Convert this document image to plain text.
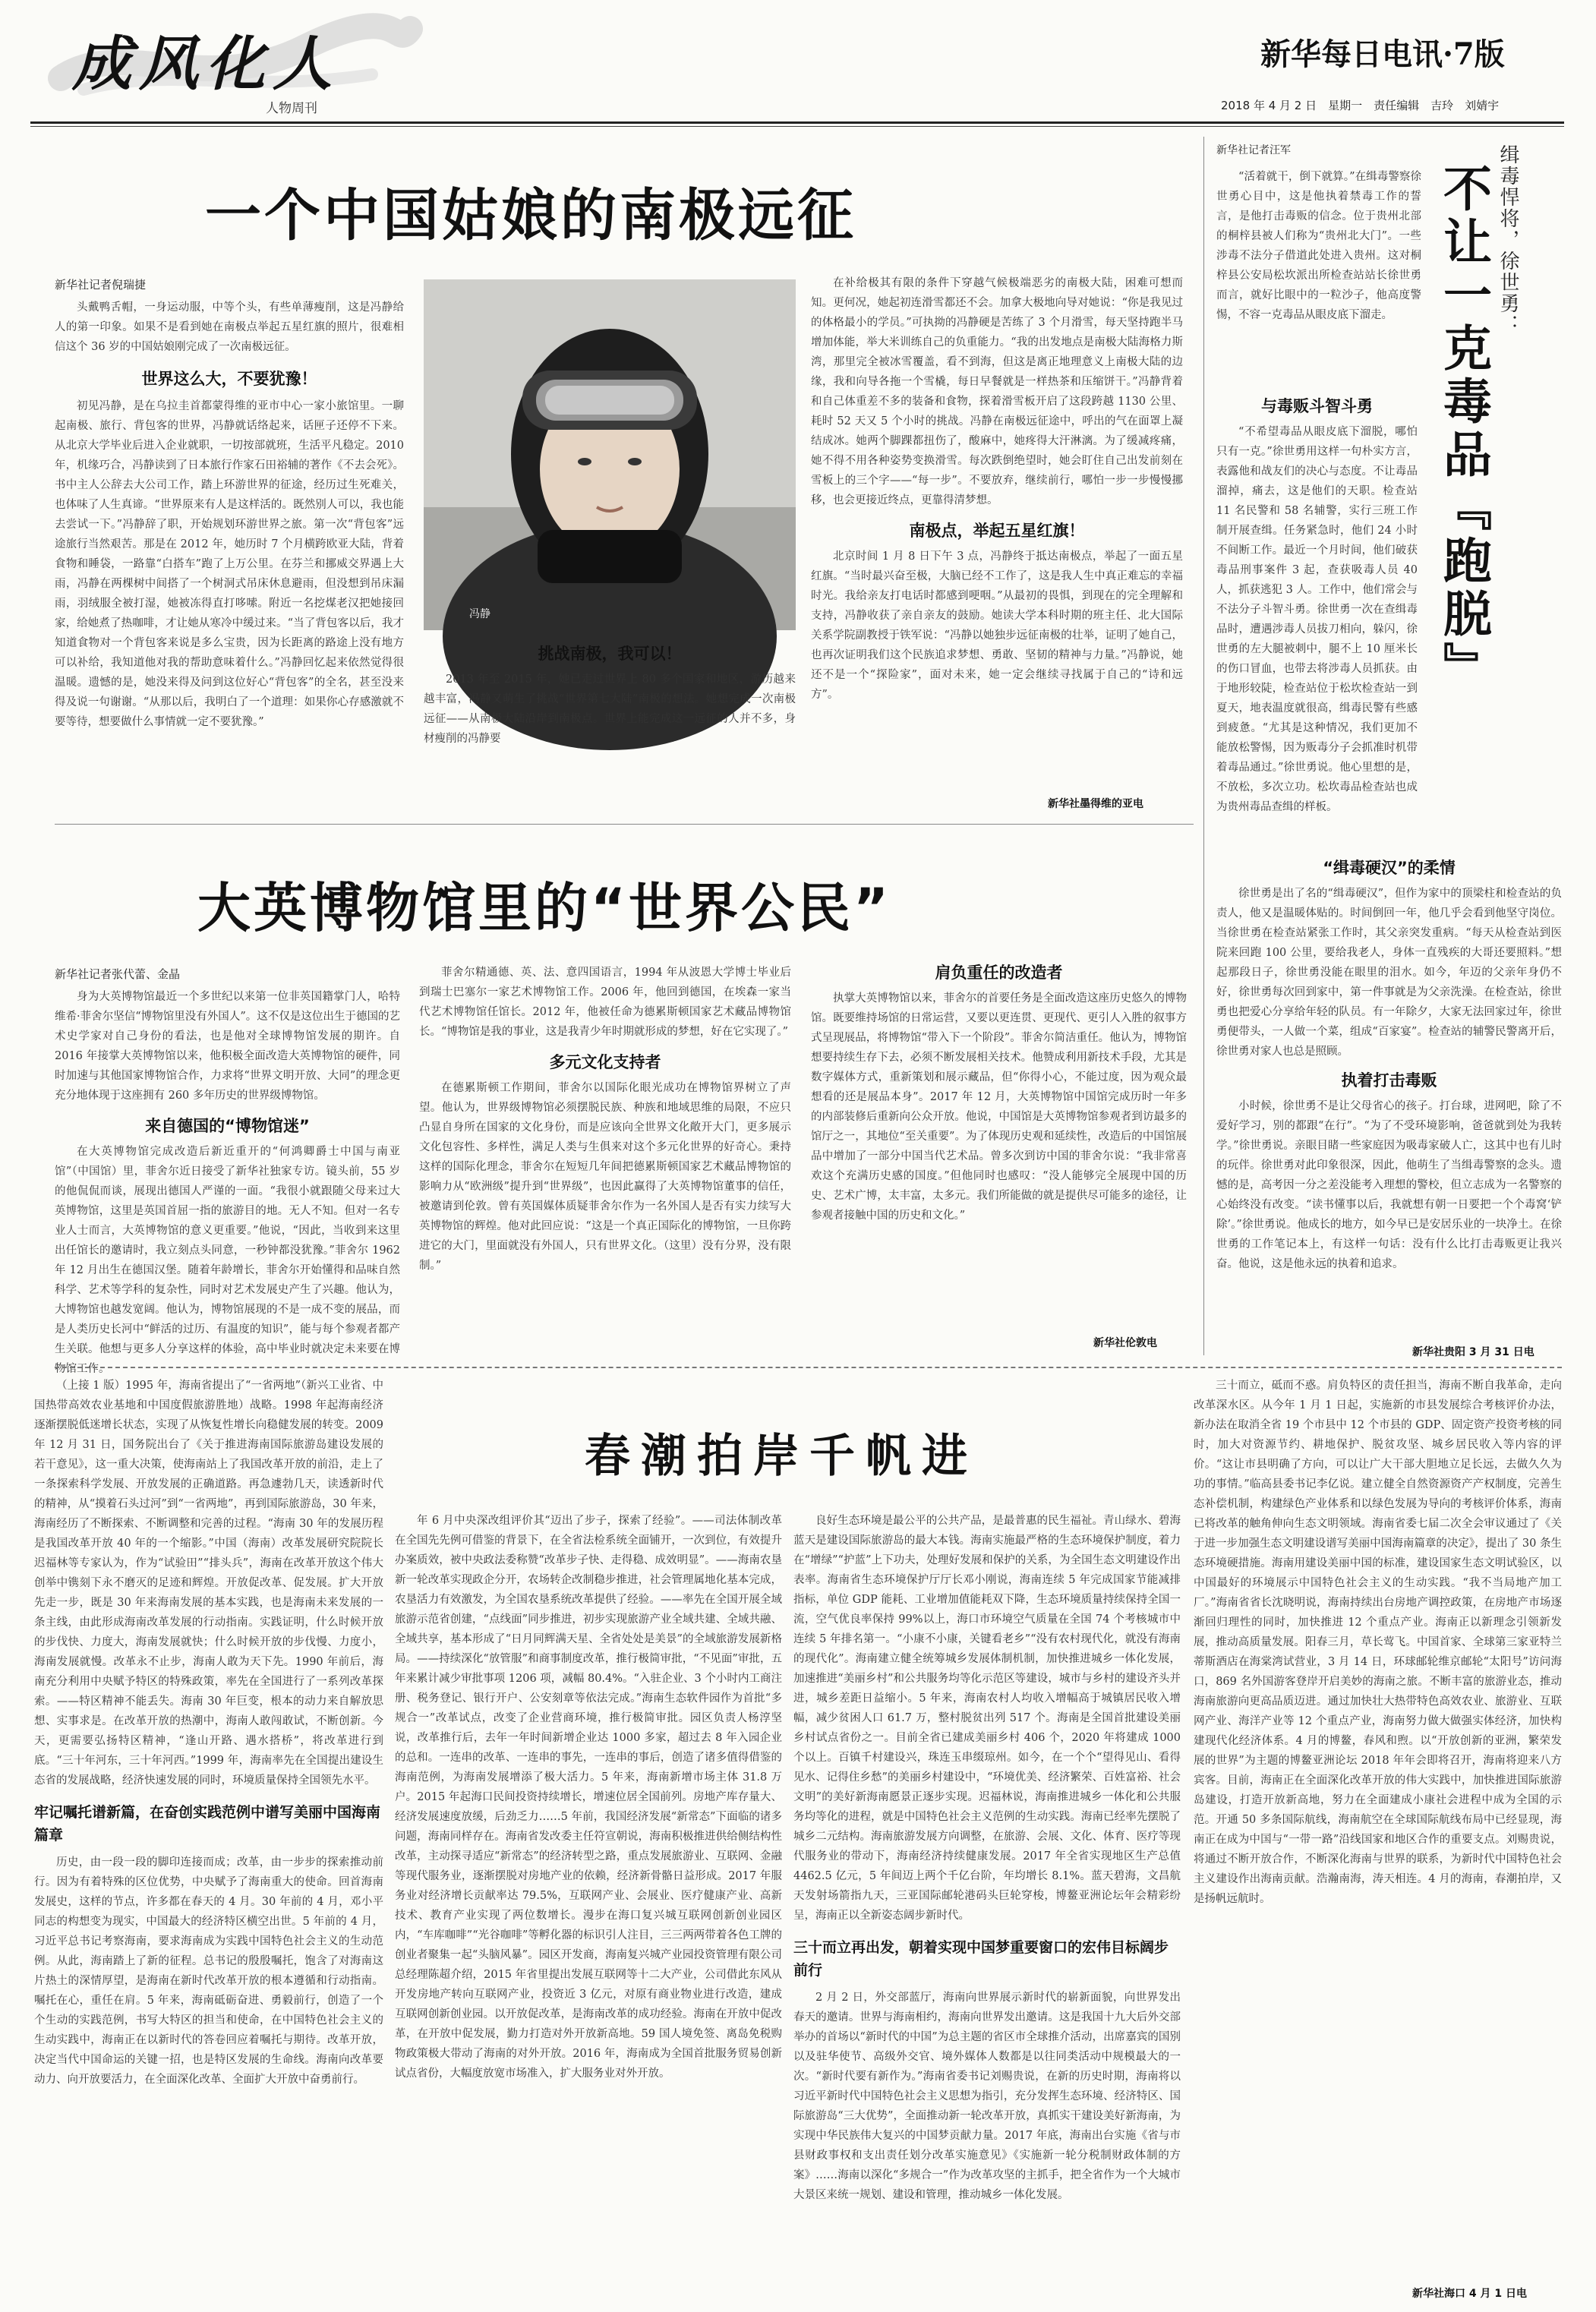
成风化人
人物周刊
新华每日电讯·7版
2018 年 4 月 2 日　星期一　责任编辑　吉玲　刘婧宇
一个中国姑娘的南极远征
新华社记者倪瑞捷

头戴鸭舌帽，一身运动服，中等个头，有些单薄瘦削，这是冯静给人的第一印象。如果不是看到她在南极点举起五星红旗的照片，很难相信这个 36 岁的中国姑娘刚完成了一次南极远征。

世界这么大，不要犹豫！

初见冯静，是在乌拉圭首都蒙得维的亚市中心一家小旅馆里。一聊起南极、旅行、背包客的世界，冯静就话络起来，话匣子还停不下来。从北京大学毕业后进入企业就职，一切按部就班，生活平凡稳定。2010 年，机缘巧合，冯静读到了日本旅行作家石田裕辅的著作《不去会死》。书中主人公辞去大公司工作，踏上环游世界的征途，经历过生死难关，也体味了人生真谛。“世界原来有人是这样活的。既然别人可以，我也能去尝试一下。”冯静辞了职，开始规划环游世界之旅。第一次“背包客”远途旅行当然艰苦。那是在 2012 年，她历时 7 个月横跨欧亚大陆，背着食物和睡袋，一路靠“白搭车”跑了上万公里。在芬兰和挪威交界遇上大雨，冯静在两棵树中间搭了一个树洞式吊床休息避雨，但没想到吊床漏雨，羽绒服全被打湿，她被冻得直打哆嗦。附近一名挖煤老汉把她接回家，给她煮了热咖啡，才让她从寒冷中缓过来。“当了背包客以后，我才知道食物对一个背包客来说是多么宝贵，因为长距离的路途上没有地方可以补给，我知道他对我的帮助意味着什么。”冯静回忆起来依然觉得很温暖。遗憾的是，她没来得及问到这位好心“背包客”的全名，甚至没来得及说一句谢谢。“从那以后，我明白了一个道理：如果你心存感激就不要等待，想要做什么事情就一定不要犹豫。”

冯静
挑战南极，我可以！

2013 年至 2015 年，她已走过世界上 80 多个国家和地区，游历越来越丰富，冯静又萌生了挑战“世界第七大陆”南极的想法。她想完成一次南极远征——从南极大陆沿岸到南极点。世界上能完成这一远征的人并不多，身材瘦削的冯静要

在补给极其有限的条件下穿越气候极端恶劣的南极大陆，困难可想而知。更何况，她起初连滑雪都还不会。加拿大极地向导对她说：“你是我见过的体格最小的学员。”可执拗的冯静硬是苦练了 3 个月滑雪，每天坚持跑半马增加体能，举大米训练自己的负重能力。“我的出发地点是南极大陆海格力斯湾，那里完全被冰雪覆盖，看不到海，但这是离正地理意义上南极大陆的边缘，我和向导各拖一个雪橇，每日早餐就是一样热茶和压缩饼干。”冯静背着和自己体重差不多的装备和食物，探着滑雪板开启了这段跨越 1130 公里、耗时 52 天又 5 个小时的挑战。冯静在南极远征途中，呼出的气在面罩上凝结成冰。她两个脚踝都扭伤了，酸麻中，她疼得大汗淋漓。为了缓减疼痛，她不得不用各种姿势变换滑雪。每次跌倒绝望时，她会盯住自己出发前刻在雪板上的三个字——“每一步”。不要放弃，继续前行，哪怕一步一步慢慢挪移，也会更接近终点，更靠得清梦想。

南极点，举起五星红旗！

北京时间 1 月 8 日下午 3 点，冯静终于抵达南极点，举起了一面五星红旗。“当时最兴奋至极，大脑已经不工作了，这是我人生中真正难忘的幸福时光。我给亲友打电话时都感到哽咽。”从最初的畏惧，到现在的完全理解和支持，冯静收获了亲自亲友的鼓励。她读大学本科时期的班主任、北大国际关系学院副教授于铁军说：“冯静以她独步远征南极的壮举，证明了她自己，也再次证明我们这个民族追求梦想、勇敢、坚韧的精神与力量。”冯静说，她还不是一个“探险家”，面对未来，她一定会继续寻找属于自己的“诗和远方”。

新华社墨得维的亚电
新华社记者汪军

“活着就干，倒下就算。”在缉毒警察徐世勇心目中，这是他执着禁毒工作的誓言，是他打击毒贩的信念。位于贵州北部的桐梓县被人们称为“贵州北大门”。一些涉毒不法分子借道此处进入贵州。这对桐梓县公安局松坎派出所检查站站长徐世勇而言，就好比眼中的一粒沙子，他高度警惕，不容一克毒品从眼皮底下溜走。	缉毒悍将，徐世勇：
不让一克毒品『跑脱』
与毒贩斗智斗勇

“不希望毒品从眼皮底下溜脱，哪怕只有一克。”徐世勇用这样一句朴实方言，表露他和战友们的决心与态度。不让毒品溜掉，痛去，这是他们的天职。检查站 11 名民警和 58 名辅警，实行三班工作制开展查缉。任务紧急时，他们 24 小时不间断工作。最近一个月时间，他们破获毒品刑事案件 3 起，查获吸毒人员 40 人，抓获逃犯 3 人。工作中，他们常会与不法分子斗智斗勇。徐世勇一次在查缉毒品时，遭遇涉毒人员拔刀相向，躲闪，徐世勇的左大腿被刺中，腿不上 10 厘米长的伤口冒血，也带去将涉毒人员抓获。由于地形较陡，检查站位于松坎检查站一到夏天，地表温度就很高，缉毒民警有些感到疲惫。“尤其是这种情况，我们更加不能放松警惕，因为贩毒分子会抓准时机带着毒品通过。”徐世勇说。他心里想的是，不放松，多次立功。松坎毒品检查站也成为贵州毒品查缉的样板。

“缉毒硬汉”的柔情

徐世勇是出了名的“缉毒硬汉”，但作为家中的顶梁柱和检查站的负责人，他又是温暖体贴的。时间倒回一年，他几乎会看到他坚守岗位。当徐世勇在检查站紧张工作时，其父亲突发重病。“每天从检查站到医院来回跑 100 公里，要给我老人，身体一直残疾的大哥还要照料。”想起那段日子，徐世勇没能在眼里的泪水。如今，年迈的父亲年身仍不好，徐世勇每次回到家中，第一件事就是为父亲洗澡。在检查站，徐世勇也把爱心分享给年轻的队员。有一年除夕，大家无法回家过年，徐世勇便带头，一人做一个菜，组成“百家宴”。检查站的辅警民警离开后，徐世勇对家人也总是照顾。

执着打击毒贩

小时候，徐世勇不是让父母省心的孩子。打台球，进网吧，除了不爱好学习，别的都跟“在行”。“为了不受环境影响，爸爸就到处为我转学。”徐世勇说。亲眼目睹一些家庭因为吸毒家破人亡，这其中也有儿时的玩伴。徐世勇对此印象很深，因此，他萌生了当缉毒警察的念头。遗憾的是，高考因一分之差没能考入理想的警校，但立志成为一名警察的心始终没有改变。“读书懂事以后，我就想有朝一日要把一个个毒窝‘铲除’。”徐世勇说。他成长的地方，如今早已是安居乐业的一块净土。在徐世勇的工作笔记本上，有这样一句话：没有什么比打击毒贩更让我兴奋。他说，这是他永远的执着和追求。

新华社贵阳 3 月 31 日电
大英博物馆里的“世界公民”
新华社记者张代蕾、金晶

身为大英博物馆最近一个多世纪以来第一位非英国籍掌门人，哈特维希·菲舍尔坚信“博物馆里没有外国人”。这不仅是这位出生于德国的艺术史学家对自己身份的看法，也是他对全球博物馆发展的期许。自 2016 年接掌大英博物馆以来，他积极全面改造大英博物馆的硬件，同时加速与其他国家博物馆合作，力求将“世界文明开放、大同”的理念更充分地体现于这座拥有 260 多年历史的世界级博物馆。

来自德国的“博物馆迷”

在大英博物馆完成改造后新近重开的“何鸿卿爵士中国与南亚馆”（中国馆）里，菲舍尔近日接受了新华社独家专访。镜头前，55 岁的他侃侃而谈，展现出德国人严谨的一面。“我很小就跟随父母来过大英博物馆，这里是英国首屈一指的旅游目的地。无人不知。但对一名专业人士而言，大英博物馆的意义更重要。”他说，“因此，当收到来这里出任馆长的邀请时，我立刻点头同意，一秒钟都没犹豫。”菲舍尔 1962 年 12 月出生在德国汉堡。随着年龄增长，菲舍尔开始懂得和品味自然科学、艺术等学科的复杂性，同时对艺术发展史产生了兴趣。他认为，大博物馆也越发宽阔。他认为，博物馆展现的不是一成不变的展品，而是人类历史长河中“鲜活的过历、有温度的知识”，能与每个参观者都产生关联。他想与更多人分享这样的体验，高中毕业时就决定未来要在博物馆工作。

菲舍尔精通德、英、法、意四国语言，1994 年从波恩大学博士毕业后到瑞士巴塞尔一家艺术博物馆工作。2006 年，他回到德国，在埃森一家当代艺术博物馆任馆长。2012 年，他被任命为德累斯顿国家艺术藏品博物馆长。“博物馆是我的事业，这是我青少年时期就形成的梦想，好在它实现了。”

多元文化支持者

在德累斯顿工作期间，菲舍尔以国际化眼光成功在博物馆界树立了声望。他认为，世界级博物馆必须摆脱民族、种族和地域思维的局限，不应只凸显自身所在国家的文化身份，而是应该向全世界文化敞开大门，更多展示文化包容性、多样性，满足人类与生俱来对这个多元化世界的好奇心。秉持这样的国际化理念，菲舍尔在短短几年间把德累斯顿国家艺术藏品博物馆的影响力从“欧洲级”提升到“世界级”，也因此赢得了大英博物馆董事的信任，被邀请到伦敦。曾有英国媒体质疑菲舍尔作为一名外国人是否有实力续写大英博物馆的辉煌。他对此回应说：“这是一个真正国际化的博物馆，一旦你跨进它的大门，里面就没有外国人，只有世界文化。（这里）没有分界，没有限制。”

肩负重任的改造者

执掌大英博物馆以来，菲舍尔的首要任务是全面改造这座历史悠久的博物馆。既要维持场馆的日常运营，又要以更连贯、更现代、更引人入胜的叙事方式呈现展品，将博物馆“带入下一个阶段”。菲舍尔简洁重任。他认为，博物馆想要持续生存下去，必须不断发展相关技术。他赞成利用新技术手段，尤其是数字媒体方式，重新策划和展示藏品，但“你得小心，不能过度，因为观众最想看的还是展品本身”。2017 年 12 月，大英博物馆中国馆完成历时一年多的内部装修后重新向公众开放。他说，中国馆是大英博物馆参观者到访最多的馆厅之一，其地位“至关重要”。为了体现历史观和延续性，改造后的中国馆展品中增加了一部分中国当代艺术品。曾多次到访中国的菲舍尔说：“我非常喜欢这个充满历史感的国度。”但他同时也感叹：“没人能够完全展现中国的历史、艺术广博，太丰富，太多元。我们所能做的就是提供尽可能多的途径，让参观者接触中国的历史和文化。”

新华社伦敦电

（上接 1 版）1995 年，海南省提出了“一省两地”（新兴工业省、中国热带高效农业基地和中国度假旅游胜地）战略。1998 年起海南经济逐渐摆脱低迷增长状态，实现了从恢复性增长向稳健发展的转变。2009 年 12 月 31 日，国务院出台了《关于推进海南国际旅游岛建设发展的若干意见》，这一重大决策，使海南站上了我国改革开放的前沿，走上了一条探索科学发展、开放发展的正确道路。再急遽勃几天，读透新时代的精神，从“摸着石头过河”到“一省两地”，再到国际旅游岛，30 年来，海南经历了不断探索、不断调整和完善的过程。“海南 30 年的发展历程是我国改革开放 40 年的一个缩影。”中国（海南）改革发展研究院院长迟福林等专家认为，作为“试验田”“排头兵”，海南在改革开放这个伟大创举中镌刻下永不磨灭的足迹和辉煌。开放促改革、促发展。扩大开放先走一步，既是 30 年来海南发展的基本实践，也是海南未来发展的一条主线，由此形成海南改革发展的行动指南。实践证明，什么时候开放的步伐快、力度大，海南发展就快；什么时候开放的步伐慢、力度小，海南发展就慢。改革永不止步，海南人敢为天下先。1990 年前后，海南充分利用中央赋予特区的特殊政策，率先在全国进行了一系列改革探索。——特区精神不能丢失。海南 30 年巨变，根本的动力来自解放思想、实事求是。在改革开放的热潮中，海南人敢闯敢试，不断创新。今天，更需要弘扬特区精神，“逢山开路、遇水搭桥”，将改革进行到底。“三十年河东，三十年河西。”1999 年，海南率先在全国提出建设生态省的发展战略，经济快速发展的同时，环境质量保持全国领先水平。

牢记嘱托谱新篇，在奋创实践范例中谱写美丽中国海南篇章

历史，由一段一段的脚印连接而成；改革，由一步步的探索推动前行。因为有着特殊的区位优势，中央赋予了海南重大的使命。回首海南发展史，这样的节点，许多都在春天的 4 月。30 年前的 4 月，邓小平同志的构想变为现实，中国最大的经济特区横空出世。5 年前的 4 月，习近平总书记考察海南，要求海南成为实践中国特色社会主义的生动范例。从此，海南踏上了新的征程。总书记的殷殷嘱托，饱含了对海南这片热土的深情厚望，是海南在新时代改革开放的根本遵循和行动指南。嘱托在心，重任在肩。5 年来，海南砥砺奋进、勇毅前行，创造了一个个生动的实践范例，书写大特区的担当和使命，在中国特色社会主义的生动实践中，海南正在以新时代的答卷回应着嘱托与期待。改革开放，决定当代中国命运的关键一招，也是特区发展的生命线。海南向改革要动力、向开放要活力，在全面深化改革、全面扩大开放中奋勇前行。

春潮拍岸千帆进

年 6 月中央深改组评价其“迈出了步子，探索了经验”。——司法体制改革在全国先先例可借鉴的背景下，在全省法检系统全面铺开，一次到位，有效提升办案质效，被中央政法委称赞“改革步子快、走得稳、成效明显”。——海南农垦新一轮改革实现政企分开，农场转企改制稳步推进，社会管理属地化基本完成，农垦活力有效激发，为全国农垦系统改革提供了经验。——率先在全国开展全域旅游示范省创建，“点线面”同步推进，初步实现旅游产业全域共建、全域共融、全域共享，基本形成了“日月同辉满天星、全省处处是美景”的全域旅游发展新格局。——持续深化“放管服”和商事制度改革，推行极简审批，“不见面”审批，五年来累计减少审批事项 1206 项，减幅 80.4%。“入驻企业、3 个小时内工商注册、税务登记、银行开户、公安刻章等依法完成。”海南生态软件园作为首批“多规合一”改革试点，改变了企业营商环境，推行极简审批。园区负责人杨淳坚说，改革推行后，去年一年时间新增企业达 1000 多家，超过去 8 年入园企业的总和。一连串的改革、一连串的事先，一连串的事后，创造了诸多值得借鉴的海南范例，为海南发展增添了极大活力。5 年来，海南新增市场主体 31.8 万户。2015 年起海口民间投资持续增长，增速位居全国前列。房地产库存量大、经济发展速度放缓，后劲乏力……5 年前，我国经济发展“新常态”下面临的诸多问题，海南同样存在。海南省发改委主任符宣朝说，海南积极推进供给侧结构性改革，主动探寻适应“新常态”的经济转型之路，重点发展旅游业、互联网、金融等现代服务业，逐渐摆脱对房地产业的依赖，经济新骨骼日益形成。2017 年服务业对经济增长贡献率达 79.5%，互联网产业、会展业、医疗健康产业、高新技术、教育产业实现了两位数增长。漫步在海口复兴城互联网创新创业园区内，“车库咖啡”“光谷咖啡”等孵化器的标识引人注目，三三两两带着各色工牌的创业者聚集一起“头脑风暴”。园区开发商，海南复兴城产业园投资管理有限公司总经理陈超介绍，2015 年省里提出发展互联网等十二大产业，公司借此东风从开发房地产转向互联网产业，投资近 3 亿元，对原有商业物业进行改造，建成互联网创新创业园。以开放促改革，是海南改革的成功经验。海南在开放中促改革，在开放中促发展，勤力打造对外开放新高地。59 国人境免签、离岛免税购物政策极大带动了海南的对外开放。2016 年，海南成为全国首批服务贸易创新试点省份，大幅度放宽市场准入，扩大服务业对外开放。

良好生态环境是最公平的公共产品，是最普惠的民生福祉。青山绿水、碧海蓝天是建设国际旅游岛的最大本钱。海南实施最严格的生态环境保护制度，着力在“增绿”“护蓝”上下功夫，处理好发展和保护的关系，为全国生态文明建设作出表率。海南省生态环境保护厅厅长邓小刚说，海南连续 5 年完成国家节能减排指标，单位 GDP 能耗、工业增加值能耗双下降，生态环境质量持续保持全国一流，空气优良率保持 99%以上，海口市环境空气质量在全国 74 个考核城市中连续 5 年排名第一。“小康不小康，关键看老乡”“没有农村现代化，就没有海南的现代化”。海南建立健全统筹城乡发展体制机制，加快推进城乡一体化发展，加速推进“美丽乡村”和公共服务均等化示范区等建设，城市与乡村的建设齐头并进，城乡差距日益缩小。5 年来，海南农村人均收入增幅高于城镇居民收入增幅，减少贫困人口 61.7 万，整村脱贫出列 517 个。海南是全国首批建设美丽乡村试点省份之一。目前全省已建成美丽乡村 406 个，2020 年将建成 1000 个以上。百镇千村建设兴，珠连玉串缀琼州。如今，在一个个“望得见山、看得见水、记得住乡愁”的美丽乡村建设中，“环境优美、经济繁荣、百姓富裕、社会文明”的美好新海南愿景正逐步实现。迟福林说，海南推进城乡一体化和公共服务均等化的进程，就是中国特色社会主义范例的生动实践。海南已经率先摆脱了城乡二元结构。海南旅游发展方向调整，在旅游、会展、文化、体育、医疗等现代服务业的带动下，海南经济持续健康发展。2017 年全省实现地区生产总值 4462.5 亿元，5 年间迈上两个千亿台阶，年均增长 8.1%。蓝天碧海，文昌航天发射场箭指九天，三亚国际邮轮港码头巨轮穿梭，博鳌亚洲论坛年会精彩纷呈，海南正以全新姿态阔步新时代。

三十而立再出发，朝着实现中国梦重要窗口的宏伟目标阔步前行

2 月 2 日，外交部蓝厅，海南向世界展示新时代的崭新面貌，向世界发出春天的邀请。世界与海南相约，海南向世界发出邀请。这是我国十九大后外交部举办的首场以“新时代的中国”为总主题的省区市全球推介活动，出席嘉宾的国别以及驻华使节、高级外交官、境外媒体人数都是以往同类活动中规模最大的一次。“新时代要有新作为。”海南省委书记刘赐贵说，在新的历史时期，海南将以习近平新时代中国特色社会主义思想为指引，充分发挥生态环境、经济特区、国际旅游岛“三大优势”，全面推动新一轮改革开放，真抓实干建设美好新海南，为实现中华民族伟大复兴的中国梦贡献力量。2017 年底，海南出台实施《省与市县财政事权和支出责任划分改革实施意见》《实施新一轮分税制财政体制的方案》……海南以深化“多规合一”作为改革攻坚的主抓手，把全省作为一个大城市大景区来统一规划、建设和管理，推动城乡一体化发展。

三十而立，砥而不惑。肩负特区的责任担当，海南不断自我革命，走向改革深水区。从今年 1 月 1 日起，实施新的市县发展综合考核评价办法，新办法在取消全省 19 个市县中 12 个市县的 GDP、固定资产投资考核的同时，加大对资源节约、耕地保护、脱贫攻坚、城乡居民收入等内容的评价。“这让市县明确了方向，可以让广大干部大胆地立足长远，去做久久为功的事情。”临高县委书记李亿说。建立健全自然资源资产产权制度，完善生态补偿机制，构建绿色产业体系和以绿色发展为导向的考核评价体系，海南已将改革的触角伸向生态文明领域。海南省委七届二次全会审议通过了《关于进一步加强生态文明建设谱写美丽中国海南篇章的决定》，提出了 30 条生态环境硬措施。海南用建设美丽中国的标准，建设国家生态文明试验区，以中国最好的环境展示中国特色社会主义的生动实践。“我不当局地产加工厂。”海南省省长沈晓明说，海南持续出台房地产调控政策，在房地产市场逐渐回归理性的同时，加快推进 12 个重点产业。海南正以新理念引领新发展，推动高质量发展。阳春三月，草长莺飞。中国首家、全球第三家亚特兰蒂斯酒店在海棠湾试营业，3 月 14 日，环球邮轮维京邮轮“太阳号”访问海口，869 名外国游客登岸开启美妙的海南之旅。不断丰富的旅游业态，推动海南旅游向更高品质迈进。通过加快壮大热带特色高效农业、旅游业、互联网产业、海洋产业等 12 个重点产业，海南努力做大做强实体经济，加快构建现代化经济体系。4 月的博鳌，春风和煦。以“开放创新的亚洲，繁荣发展的世界”为主题的博鳌亚洲论坛 2018 年年会即将召开，海南将迎来八方宾客。目前，海南正在全面深化改革开放的伟大实践中，加快推进国际旅游岛建设，打造开放新高地，努力在全面建成小康社会进程中成为全国的示范。开通 50 多条国际航线，海南航空在全球国际航线布局中已经显现，海南正在成为中国与“一带一路”沿线国家和地区合作的重要支点。刘赐贵说，将通过不断开放合作，不断深化海南与世界的联系，为新时代中国特色社会主义建设作出海南贡献。浩瀚南海，涛天相连。4 月的海南，春潮拍岸，又是扬帆远航时。

新华社海口 4 月 1 日电
